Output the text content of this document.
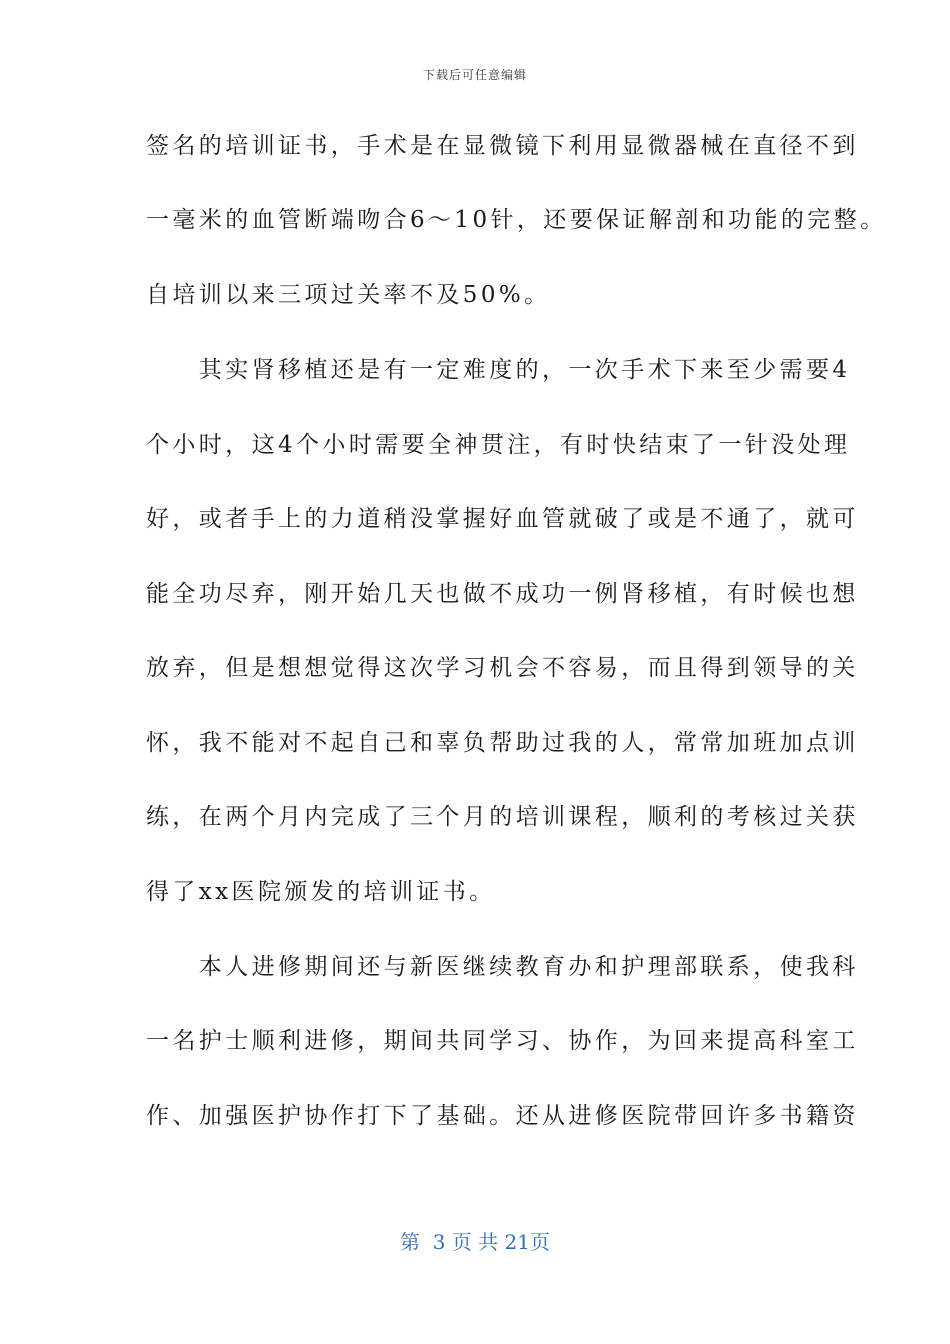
下载后可任意编辑
签名的培训证书，手术是在显微镜下利用显微器械在直径不到
一毫米的血管断端吻合6～10针，还要保证解剖和功能的完整。
自培训以来三项过关率不及50%。
　　其实肾移植还是有一定难度的，一次手术下来至少需要4
个小时，这4个小时需要全神贯注，有时快结束了一针没处理
好，或者手上的力道稍没掌握好血管就破了或是不通了，就可
能全功尽弃，刚开始几天也做不成功一例肾移植，有时候也想
放弃，但是想想觉得这次学习机会不容易，而且得到领导的关
怀，我不能对不起自己和辜负帮助过我的人，常常加班加点训
练，在两个月内完成了三个月的培训课程，顺利的考核过关获
得了xx医院颁发的培训证书。
　　本人进修期间还与新医继续教育办和护理部联系，使我科
一名护士顺利进修，期间共同学习、协作，为回来提高科室工
作、加强医护协作打下了基础。还从进修医院带回许多书籍资
第 3 页 共 21页
